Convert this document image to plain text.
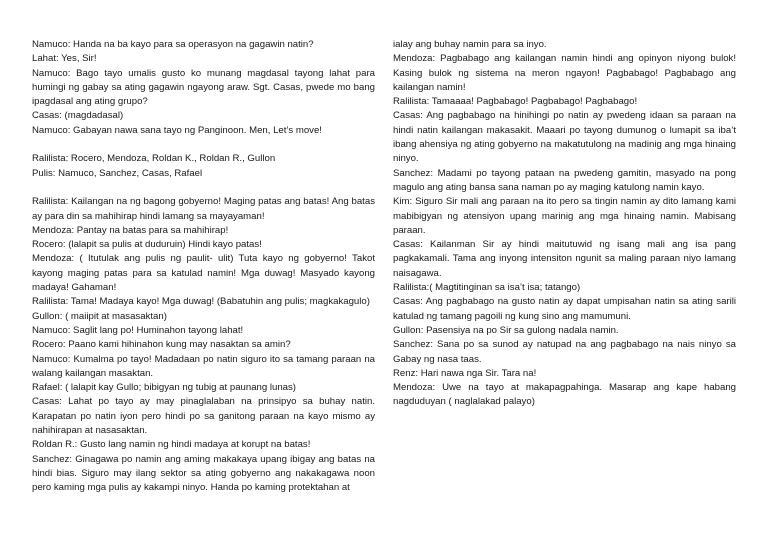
Namuco: Handa na ba kayo para sa operasyon na gagawin natin?

Lahat: Yes, Sir!

Namuco: Bago tayo umalis gusto ko munang magdasal tayong lahat para humingi ng gabay sa ating gagawin ngayong araw. Sgt. Casas, pwede mo bang ipagdasal ang ating grupo?

Casas: (magdadasal)

Namuco: Gabayan nawa sana tayo ng Panginoon. Men, Let’s move!

Ralilista: Rocero, Mendoza, Roldan K., Roldan R., Gullon

Pulis: Namuco, Sanchez, Casas, Rafael

Ralilista: Kailangan na ng bagong gobyerno! Maging patas ang batas! Ang batas ay para din sa mahihirap hindi lamang sa mayayaman!

Mendoza: Pantay na batas para sa mahihirap!

Rocero: (lalapit sa pulis at duduruin) Hindi kayo patas!

Mendoza: ( Itutulak ang pulis ng paulit- ulit) Tuta kayo ng gobyerno! Takot kayong maging patas para sa katulad namin! Mga duwag! Masyado kayong madaya! Gahaman!

Ralilista: Tama! Madaya kayo! Mga duwag! (Babatuhin ang pulis; magkakagulo)

Gullon: ( maiipit at masasaktan)

Namuco: Saglit lang po! Huminahon tayong lahat!

Rocero: Paano kami hihinahon kung may nasaktan sa amin?

Namuco: Kumalma po tayo! Madadaan po natin siguro ito sa tamang paraan na walang kailangan masaktan.

Rafael: ( lalapit kay Gullo; bibigyan ng tubig at paunang lunas)

Casas: Lahat po tayo ay may pinaglalaban na prinsipyo sa buhay natin. Karapatan po natin iyon pero hindi po sa ganitong paraan na kayo mismo ay nahihirapan at nasasaktan.

Roldan R.: Gusto lang namin ng hindi madaya at korupt na batas!

Sanchez: Ginagawa po namin ang aming makakaya upang ibigay ang batas na hindi bias. Siguro may ilang sektor sa ating gobyerno ang nakakagawa noon pero kaming mga pulis ay kakampi ninyo. Handa po kaming protektahan at

ialay ang buhay namin para sa inyo.

Mendoza: Pagbabago ang kailangan namin hindi ang opinyon niyong bulok! Kasing bulok ng sistema na meron ngayon! Pagbabago! Pagbabago ang kailangan namin!

Ralilista: Tamaaaa! Pagbabago! Pagbabago! Pagbabago!

Casas: Ang pagbabago na hinihingi po natin ay pwedeng idaan sa paraan na hindi natin kailangan makasakit. Maaari po tayong dumunog o lumapit sa iba’t ibang ahensiya ng ating gobyerno na makatutulong na madinig ang mga hinaing ninyo.

Sanchez: Madami po tayong pataan na pwedeng gamitin, masyado na pong magulo ang ating bansa sana naman po ay maging katulong namin kayo.

Kim: Siguro Sir mali ang paraan na ito pero sa tingin namin ay dito lamang kami mabibigyan ng atensiyon upang marinig ang mga hinaing namin. Mabisang paraan.

Casas: Kailanman Sir ay hindi maitutuwid ng isang mali ang isa pang pagkakamali. Tama ang inyong intensiton ngunit sa maling paraan niyo lamang naisagawa.

Ralilista:( Magtitinginan sa isa’t isa; tatango)

Casas: Ang pagbabago na gusto natin ay dapat umpisahan natin sa ating sarili katulad ng tamang pagoili ng kung sino ang mamumuni.

Gullon: Pasensiya na po Sir sa gulong nadala namin.

Sanchez: Sana po sa sunod ay natupad na ang pagbabago na nais ninyo sa Gabay ng nasa taas.

Renz: Hari nawa nga Sir. Tara na!

Mendoza: Uwe na tayo at makapagpahinga. Masarap ang kape habang nagduduyan ( naglalakad palayo)
